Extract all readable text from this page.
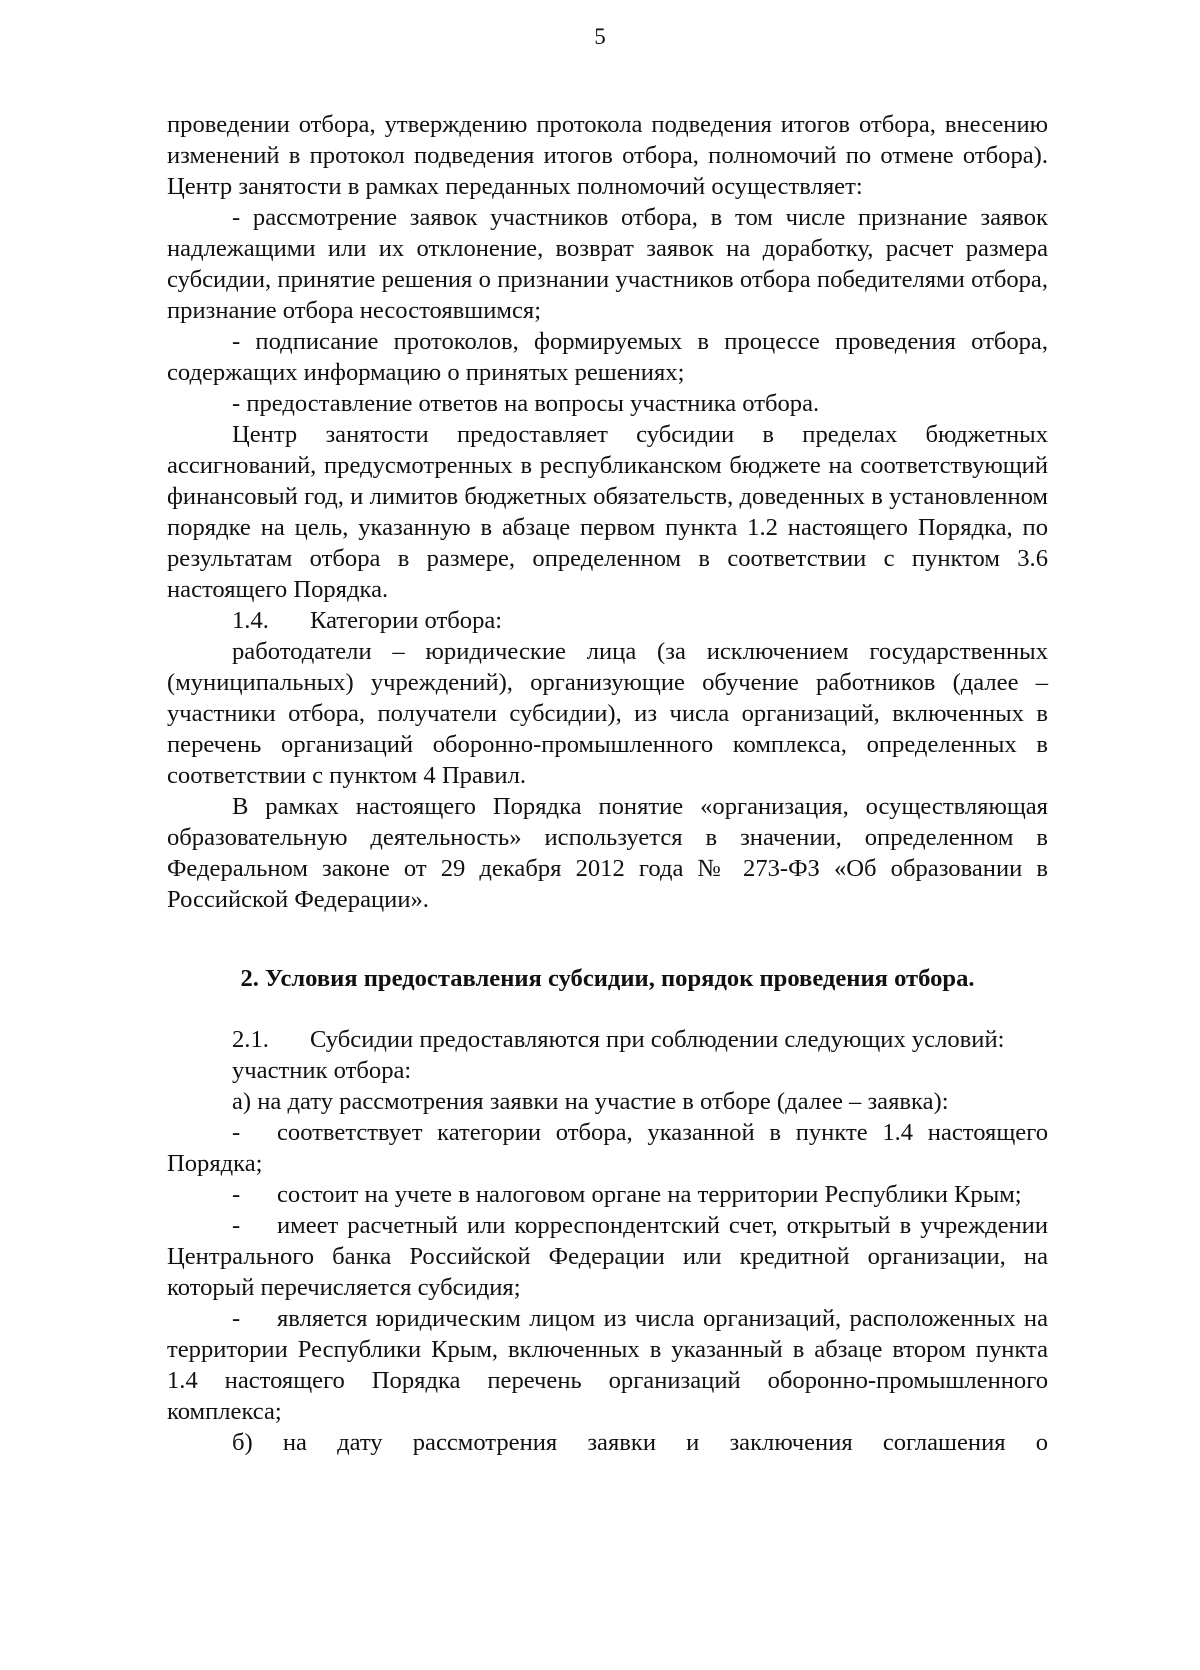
5

проведении отбора, утверждению протокола подведения итогов отбора, внесению изменений в протокол подведения итогов отбора, полномочий по отмене отбора). Центр занятости в рамках переданных полномочий осуществляет:

- рассмотрение заявок участников отбора, в том числе признание заявок надлежащими или их отклонение, возврат заявок на доработку, расчет размера субсидии, принятие решения о признании участников отбора победителями отбора, признание отбора несостоявшимся;

- подписание протоколов, формируемых в процессе проведения отбора, содержащих информацию о принятых решениях;

- предоставление ответов на вопросы участника отбора.

Центр занятости предоставляет субсидии в пределах бюджетных ассигнований, предусмотренных в республиканском бюджете на соответствующий финансовый год, и лимитов бюджетных обязательств, доведенных в установленном порядке на цель, указанную в абзаце первом пункта 1.2 настоящего Порядка, по результатам отбора в размере, определенном в соответствии с пунктом 3.6 настоящего Порядка.

1.4. Категории отбора:

работодатели – юридические лица (за исключением государственных (муниципальных) учреждений), организующие обучение работников (далее – участники отбора, получатели субсидии), из числа организаций, включенных в перечень организаций оборонно-промышленного комплекса, определенных в соответствии с пунктом 4 Правил.

В рамках настоящего Порядка понятие «организация, осуществляющая образовательную деятельность» используется в значении, определенном в Федеральном законе от 29 декабря 2012 года № 273-ФЗ «Об образовании в Российской Федерации».

2. Условия предоставления субсидии, порядок проведения отбора.

2.1. Субсидии предоставляются при соблюдении следующих условий:

участник отбора:

а) на дату рассмотрения заявки на участие в отборе (далее – заявка):

- соответствует категории отбора, указанной в пункте 1.4 настоящего Порядка;

- состоит на учете в налоговом органе на территории Республики Крым;

- имеет расчетный или корреспондентский счет, открытый в учреждении Центрального банка Российской Федерации или кредитной организации, на который перечисляется субсидия;

- является юридическим лицом из числа организаций, расположенных на территории Республики Крым, включенных в указанный в абзаце втором пункта 1.4 настоящего Порядка перечень организаций оборонно-промышленного комплекса;

б) на дату рассмотрения заявки и заключения соглашения о
